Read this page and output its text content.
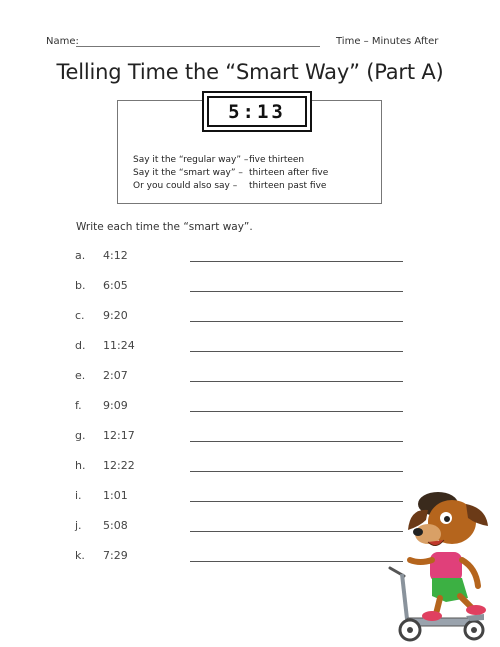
Name:	Time – Minutes After
Telling Time the “Smart Way” (Part A)
5:13
Say it the “regular way” –five thirteen
Say it the “smart way” – thirteen after five
Or you could also say – thirteen past five
Write each time the “smart way”.
a. 4:12
b. 6:05
c. 9:20
d. 11:24
e. 2:07
f. 9:09
g. 12:17
h. 12:22
i. 1:01
j. 5:08
k. 7:29
